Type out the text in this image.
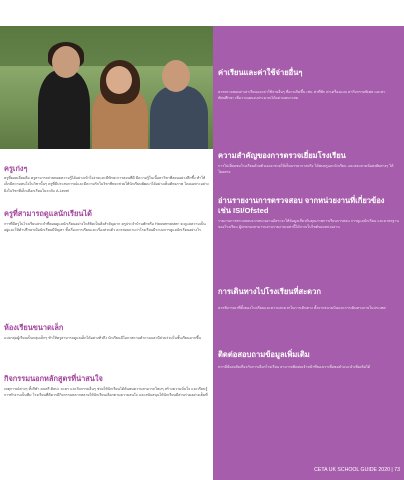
ครูเก่งๆ
ครูที่ยอดเยี่ยมคือ ครูสามารถถ่ายทอดความรู้ได้อย่างเข้าใจง่ายและมีทักษะการสอนที่ดี มีความรู้ในเนื้อหาวิชาที่สอนอย่างลึกซึ้ง ทำให้เด็กมีความสนใจในวิชานั้นๆ ครูที่มีประสบการณ์และมีความรักในวิชาชีพจะช่วยให้นักเรียนพัฒนาได้อย่างเต็มศักยภาพ โดยเฉพาะอย่างยิ่งในวิชาที่เด็กเลือกเรียนในระดับ A-Level
ครูที่สามารถดูแลนักเรียนได้
การที่มีครูในโรงเรียนประจำที่คอยดูแลนักเรียนอย่างใกล้ชิดเป็นสิ่งสำคัญมาก ครูประจำบ้านพักหรือ Housemaster จะดูแลความเป็นอยู่และให้คำปรึกษาเมื่อนักเรียนมีปัญหา ทั้งเรื่องการเรียนและเรื่องส่วนตัว ควรสอบถามว่าโรงเรียนมีระบบการดูแลนักเรียนอย่างไร
ห้องเรียนขนาดเล็ก
แบ่งกลุ่มผู้เรียนเป็นกลุ่มเล็กๆ ทำให้ครูสามารถดูแลเด็กได้อย่างทั่วถึง นักเรียนมีโอกาสถามคำถามและมีส่วนร่วมในชั้นเรียนมากขึ้น
กิจกรรมนอกหลักสูตรที่น่าสนใจ
เหตุการณ์ต่างๆ ทั้งกีฬา ดนตรี ศิลปะ ละคร และกิจกรรมอื่นๆ ช่วยให้นักเรียนได้ค้นพบความสามารถใหม่ๆ สร้างความมั่นใจ และเรียนรู้การทำงานเป็นทีม โรงเรียนที่ดีควรมีกิจกรรมหลากหลายให้นักเรียนเลือกตามความสนใจ และสนับสนุนให้นักเรียนมีส่วนร่วมอย่างเต็มที่
ค่าเรียนและค่าใช้จ่ายอื่นๆ
ควรตรวจสอบค่าเล่าเรียนและค่าใช้จ่ายอื่นๆ ที่อาจเกิดขึ้น เช่น ค่าที่พัก ค่าเครื่องแบบ ค่ากิจกรรมพิเศษ และค่าทัศนศึกษา เพื่อวางแผนงบประมาณได้อย่างเหมาะสม
ความสำคัญของการตรวจเยี่ยมโรงเรียน
การไปเยี่ยมชมโรงเรียนด้วยตัวเองจะช่วยให้เห็นบรรยากาศจริง ได้พบครูและนักเรียน และสอบถามข้อสงสัยต่างๆ ได้โดยตรง
อ่านรายงานการตรวจสอบ จากหน่วยงานที่เกี่ยวข้อง เช่น ISI/Ofsted
รายงานการตรวจสอบจากหน่วยงานอิสระจะให้ข้อมูลเกี่ยวกับคุณภาพการเรียนการสอน การดูแลนักเรียน และมาตรฐานของโรงเรียน ผู้ปกครองสามารถอ่านรายงานเหล่านี้ได้จากเว็บไซต์ของหน่วยงาน
การเดินทางไปโรงเรียนที่สะดวก
ควรพิจารณาที่ตั้งของโรงเรียนและความสะดวกในการเดินทาง ทั้งจากสนามบินและการเดินทางภายในประเทศ
ติดต่อสอบถามข้อมูลเพิ่มเติม
หากมีข้อสงสัยเกี่ยวกับการเลือกโรงเรียน สามารถติดต่อเจ้าหน้าที่ของเราเพื่อขอคำแนะนำเพิ่มเติมได้
CETA UK SCHOOL GUIDE 2020 | 73
